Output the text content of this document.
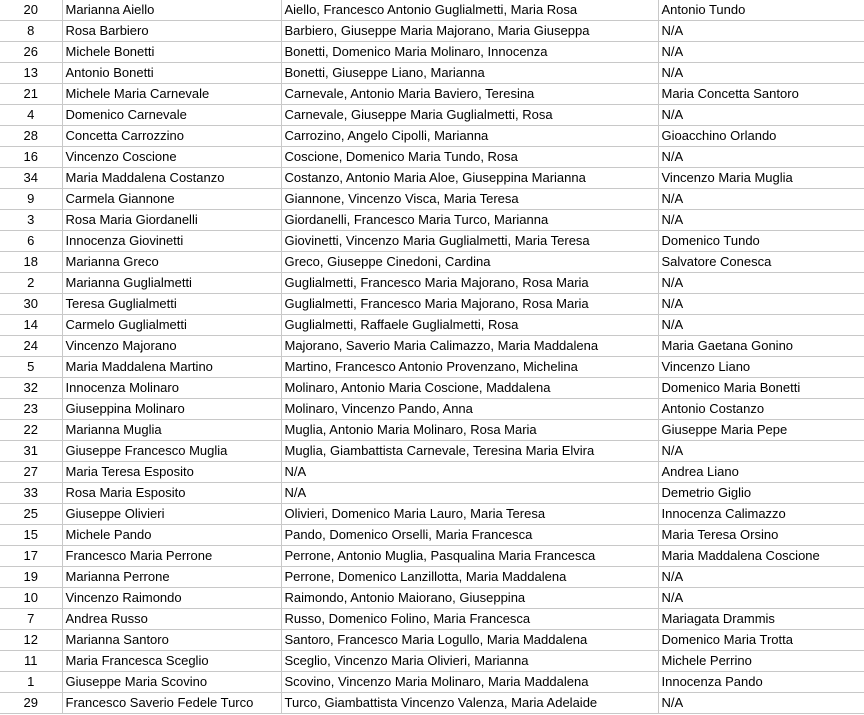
20	Marianna Aiello	Aiello, Francesco Antonio Guglialmetti, Maria Rosa	Antonio Tundo
8	Rosa Barbiero	Barbiero, Giuseppe Maria Majorano, Maria Giuseppa	N/A
26	Michele Bonetti	Bonetti, Domenico Maria Molinaro, Innocenza	N/A
13	Antonio Bonetti	Bonetti, Giuseppe Liano, Marianna	N/A
21	Michele Maria Carnevale	Carnevale, Antonio Maria Baviero, Teresina	Maria Concetta Santoro
4	Domenico Carnevale	Carnevale, Giuseppe Maria Guglialmetti, Rosa	N/A
28	Concetta Carrozzino	Carrozino, Angelo Cipolli, Marianna	Gioacchino Orlando
16	Vincenzo Coscione	Coscione, Domenico Maria Tundo, Rosa	N/A
34	Maria Maddalena Costanzo	Costanzo, Antonio Maria Aloe, Giuseppina Marianna	Vincenzo Maria Muglia
9	Carmela Giannone	Giannone, Vincenzo Visca, Maria Teresa	N/A
3	Rosa Maria Giordanelli	Giordanelli, Francesco Maria Turco, Marianna	N/A
6	Innocenza Giovinetti	Giovinetti, Vincenzo Maria Guglialmetti, Maria Teresa	Domenico Tundo
18	Marianna Greco	Greco, Giuseppe Cinedoni, Cardina	Salvatore Conesca
2	Marianna Guglialmetti	Guglialmetti, Francesco Maria Majorano, Rosa Maria	N/A
30	Teresa Guglialmetti	Guglialmetti, Francesco Maria Majorano, Rosa Maria	N/A
14	Carmelo Guglialmetti	Guglialmetti, Raffaele Guglialmetti, Rosa	N/A
24	Vincenzo Majorano	Majorano, Saverio Maria Calimazzo, Maria Maddalena	Maria Gaetana Gonino
5	Maria Maddalena Martino	Martino, Francesco Antonio Provenzano, Michelina	Vincenzo Liano
32	Innocenza Molinaro	Molinaro, Antonio Maria Coscione, Maddalena	Domenico Maria Bonetti
23	Giuseppina Molinaro	Molinaro, Vincenzo Pando, Anna	Antonio Costanzo
22	Marianna Muglia	Muglia, Antonio Maria Molinaro, Rosa Maria	Giuseppe Maria Pepe
31	Giuseppe Francesco Muglia	Muglia, Giambattista Carnevale, Teresina Maria Elvira	N/A
27	Maria Teresa Esposito	N/A	Andrea Liano
33	Rosa Maria Esposito	N/A	Demetrio Giglio
25	Giuseppe Olivieri	Olivieri, Domenico Maria Lauro, Maria Teresa	Innocenza Calimazzo
15	Michele Pando	Pando, Domenico Orselli, Maria Francesca	Maria Teresa Orsino
17	Francesco Maria Perrone	Perrone, Antonio Muglia, Pasqualina Maria Francesca	Maria Maddalena Coscione
19	Marianna Perrone	Perrone, Domenico Lanzillotta, Maria Maddalena	N/A
10	Vincenzo Raimondo	Raimondo, Antonio Maiorano, Giuseppina	N/A
7	Andrea Russo	Russo, Domenico Folino, Maria Francesca	Mariagata Drammis
12	Marianna Santoro	Santoro, Francesco Maria Logullo, Maria Maddalena	Domenico Maria Trotta
11	Maria Francesca Sceglio	Sceglio, Vincenzo Maria Olivieri, Marianna	Michele Perrino
1	Giuseppe Maria Scovino	Scovino, Vincenzo Maria Molinaro, Maria Maddalena	Innocenza Pando
29	Francesco Saverio Fedele Turco	Turco, Giambattista Vincenzo Valenza, Maria Adelaide	N/A
